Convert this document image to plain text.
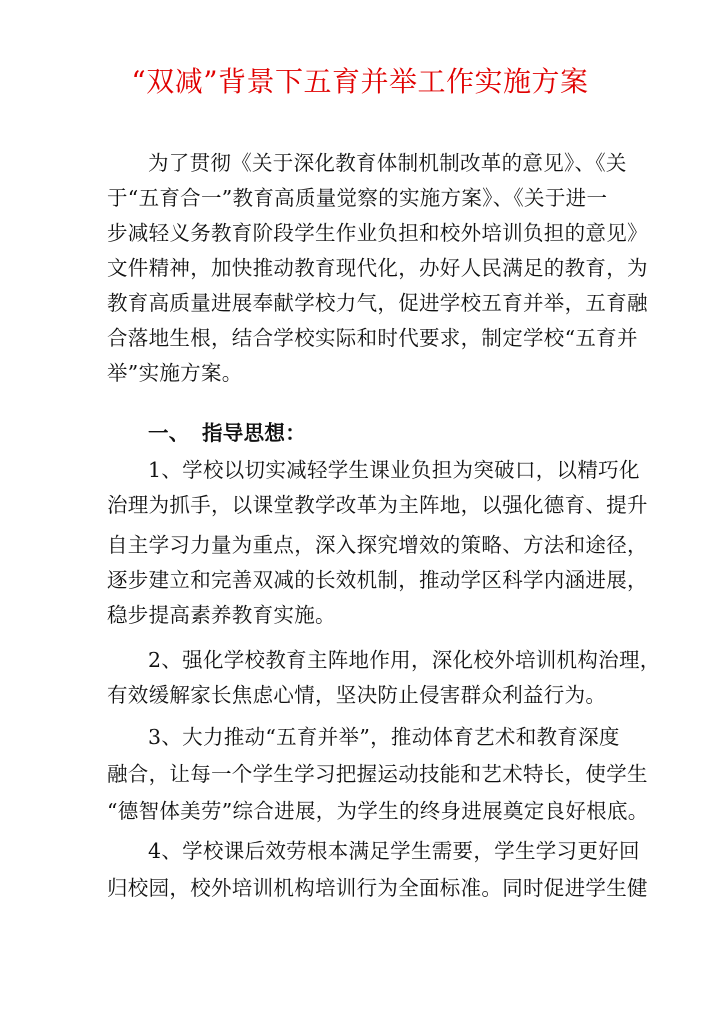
“双减”背景下五育并举工作实施方案
为了贯彻《关于深化教育体制机制改革的意见》、《关
于“五育合一”教育高质量觉察的实施方案》、《关于进一
步减轻义务教育阶段学生作业负担和校外培训负担的意见》
文件精神，加快推动教育现代化，办好人民满足的教育，为
教育高质量进展奉献学校力气，促进学校五育并举，五育融
合落地生根，结合学校实际和时代要求，制定学校“五育并
举”实施方案。
一、 指导思想：
1、学校以切实减轻学生课业负担为突破口，以精巧化
治理为抓手，以课堂教学改革为主阵地，以强化德育、提升
自主学习力量为重点，深入探究增效的策略、方法和途径，
逐步建立和完善双减的长效机制，推动学区科学内涵进展，
稳步提高素养教育实施。
2、强化学校教育主阵地作用，深化校外培训机构治理，
有效缓解家长焦虑心情，坚决防止侵害群众利益行为。
3、大力推动“五育并举”，推动体育艺术和教育深度
融合，让每一个学生学习把握运动技能和艺术特长，使学生
“德智体美劳”综合进展，为学生的终身进展奠定良好根底。
4、学校课后效劳根本满足学生需要，学生学习更好回
归校园，校外培训机构培训行为全面标准。同时促进学生健
